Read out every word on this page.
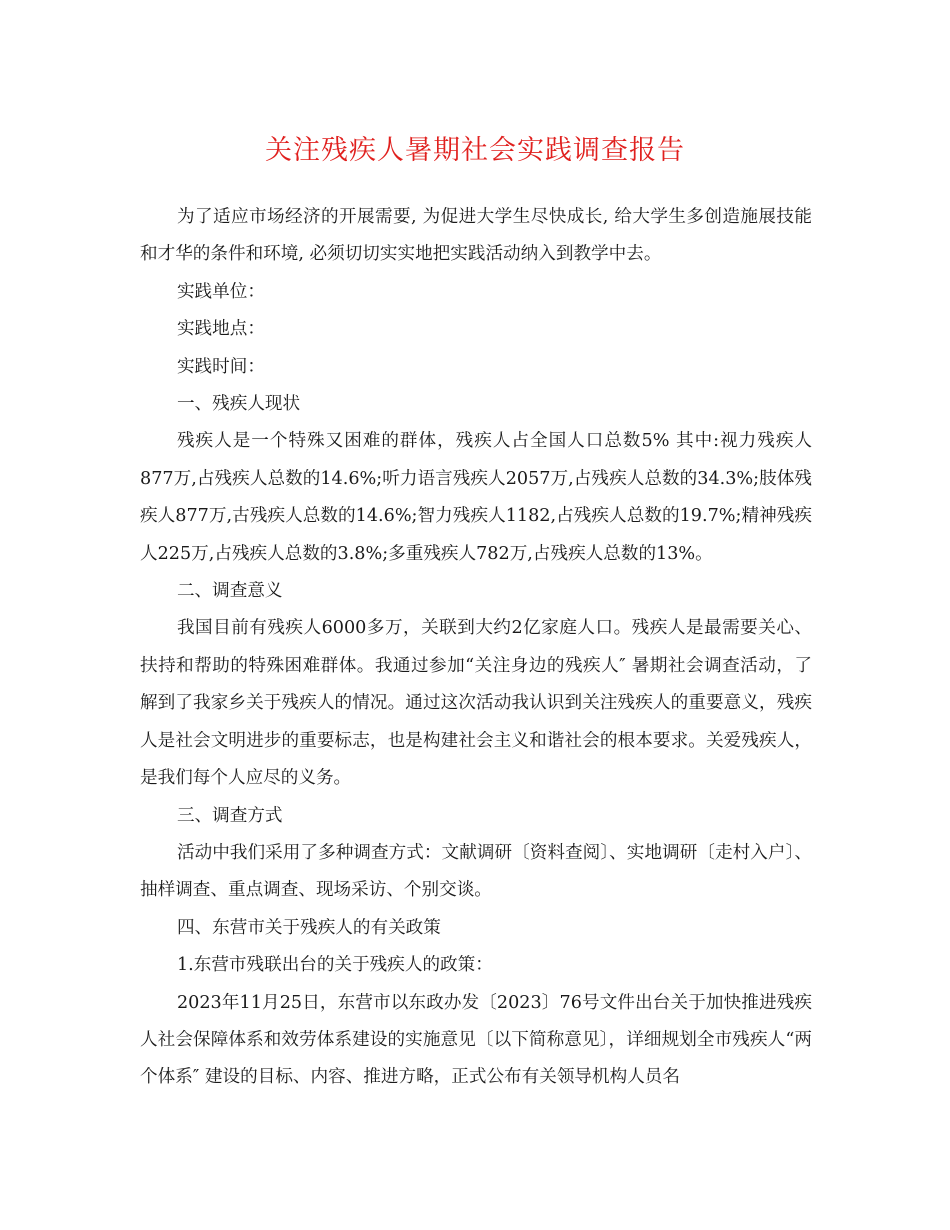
关注残疾人暑期社会实践调查报告

为了适应市场经济的开展需要, 为促进大学生尽快成长, 给大学生多创造施展技能和才华的条件和环境, 必须切切实实地把实践活动纳入到教学中去。

实践单位：

实践地点：

实践时间：

一、残疾人现状

残疾人是一个特殊又困难的群体，残疾人占全国人口总数5% 其中:视力残疾人877万,占残疾人总数的14.6%;听力语言残疾人2057万,占残疾人总数的34.3%;肢体残疾人877万,古残疾人总数的14.6%;智力残疾人1182,占残疾人总数的19.7%;精神残疾人225万,占残疾人总数的3.8%;多重残疾人782万,占残疾人总数的13%。

二、调查意义

我国目前有残疾人6000多万，关联到大约2亿家庭人口。残疾人是最需要关心、扶持和帮助的特殊困难群体。我通过参加“关注身边的残疾人″ 暑期社会调查活动，了解到了我家乡关于残疾人的情况。通过这次活动我认识到关注残疾人的重要意义，残疾人是社会文明进步的重要标志，也是构建社会主义和谐社会的根本要求。关爱残疾人，是我们每个人应尽的义务。

三、调查方式

活动中我们采用了多种调查方式：文献调研〔资料查阅〕、实地调研〔走村入户〕、抽样调查、重点调查、现场采访、个别交谈。

四、东营市关于残疾人的有关政策

1.东营市残联出台的关于残疾人的政策：

2023年11月25日，东营市以东政办发〔2023〕76号文件出台关于加快推进残疾人社会保障体系和效劳体系建设的实施意见〔以下简称意见〕，详细规划全市残疾人“两个体系″ 建设的目标、内容、推进方略，正式公布有关领导机构人员名
